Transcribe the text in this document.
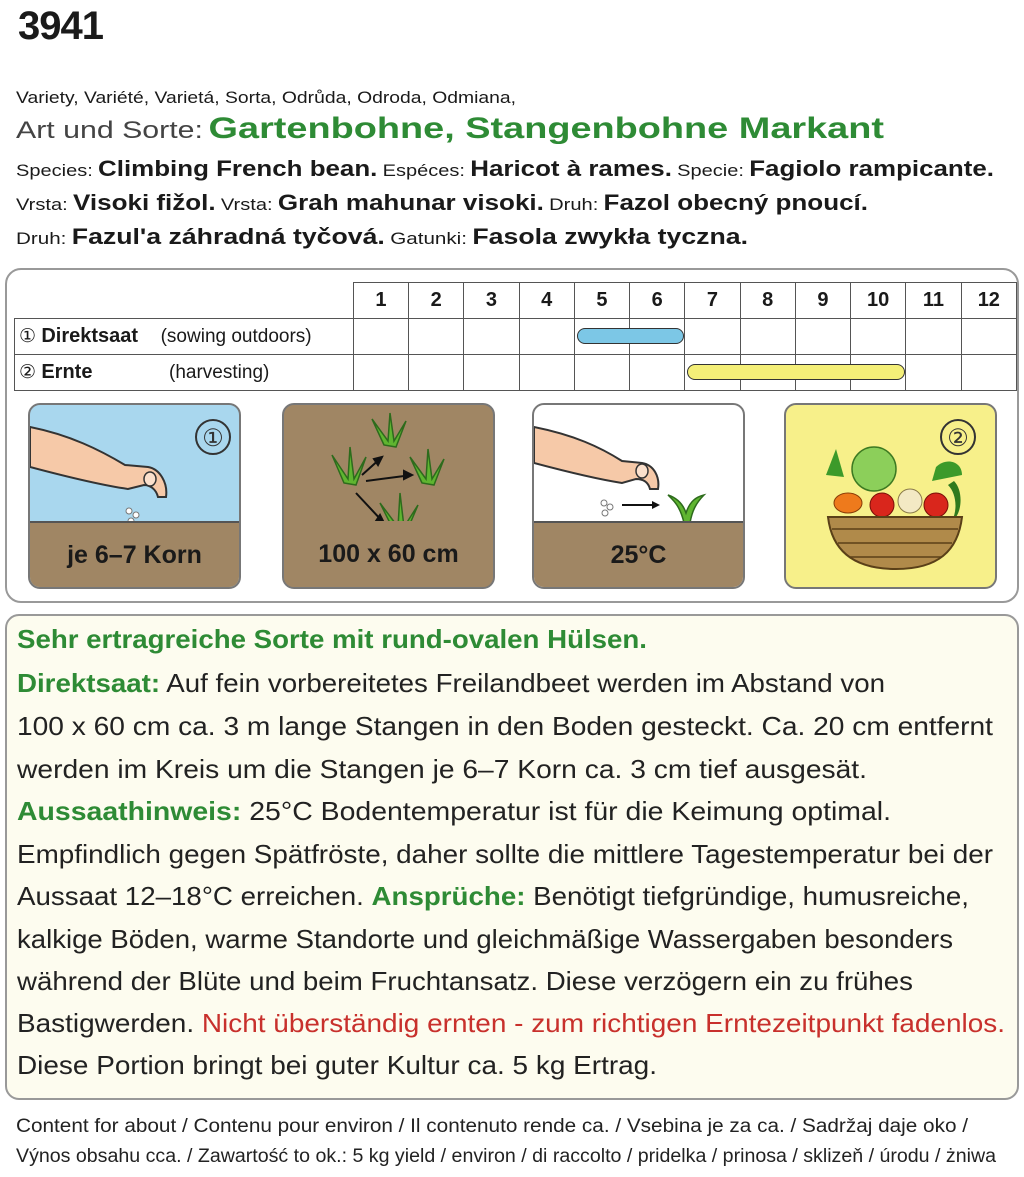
3941
Variety, Variété, Varietá, Sorta, Odrůda, Odroda, Odmiana,
Art und Sorte: Gartenbohne, Stangenbohne Markant
Species: Climbing French bean. Espéces: Haricot à rames. Specie: Fagiolo rampicante.
Vrsta: Visoki fižol. Vrsta: Grah mahunar visoki. Druh: Fazol obecný pnoucí.
Druh: Fazul'a záhradná tyčová. Gatunki: Fasola zwykła tyczna.
	1	2	3	4	5	6	7	8	9	10	11	12
① Direktsaat (sowing outdoors)					

② Ernte (harvesting)							

①
je 6–7 Korn	100 x 60 cm	25°C
②

Sehr ertragreiche Sorte mit rund-ovalen Hülsen.

Direktsaat: Auf fein vorbereitetes Freilandbeet werden im Abstand von

100 x 60 cm ca. 3 m lange Stangen in den Boden gesteckt. Ca. 20 cm entfernt

werden im Kreis um die Stangen je 6–7 Korn ca. 3 cm tief ausgesät.

Aussaathinweis: 25°C Bodentemperatur ist für die Keimung optimal.

Empfindlich gegen Spätfröste, daher sollte die mittlere Tagestemperatur bei der

Aussaat 12–18°C erreichen. Ansprüche: Benötigt tiefgründige, humusreiche,

kalkige Böden, warme Standorte und gleichmäßige Wassergaben besonders

während der Blüte und beim Fruchtansatz. Diese verzögern ein zu frühes

Bastigwerden. Nicht überständig ernten - zum richtigen Erntezeitpunkt fadenlos.

Diese Portion bringt bei guter Kultur ca. 5 kg Ertrag.

Content for about / Contenu pour environ / Il contenuto rende ca. / Vsebina je za ca. / Sadržaj daje oko /
Výnos obsahu cca. / Zawartość to ok.: 5 kg yield / environ / di raccolto / pridelka / prinosa / sklizeň / úrodu / żniwa
